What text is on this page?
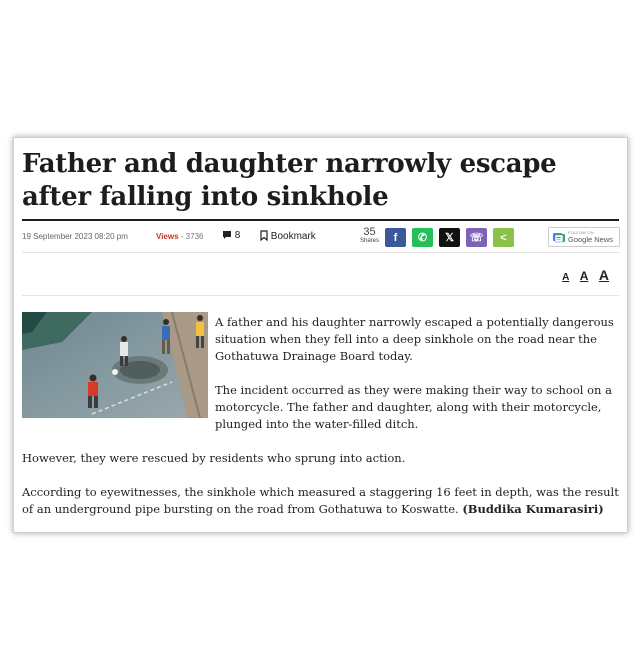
Father and daughter narrowly escape after falling into sinkhole
19 September 2023 08:20 pm	Views - 3736	8	Bookmark	35
Shares f ✆ 𝕏 ☏ <	FOLLOW ON
Google News
A A A

A father and his daughter narrowly escaped a potentially dangerous situation when they fell into a deep sinkhole on the road near the Gothatuwa Drainage Board today.

The incident occurred as they were making their way to school on a motorcycle. The father and daughter, along with their motorcycle, plunged into the water-filled ditch.

However, they were rescued by residents who sprung into action.

According to eyewitnesses, the sinkhole which measured a staggering 16 feet in depth, was the result of an underground pipe bursting on the road from Gothatuwa to Koswatte. (Buddika Kumarasiri)
